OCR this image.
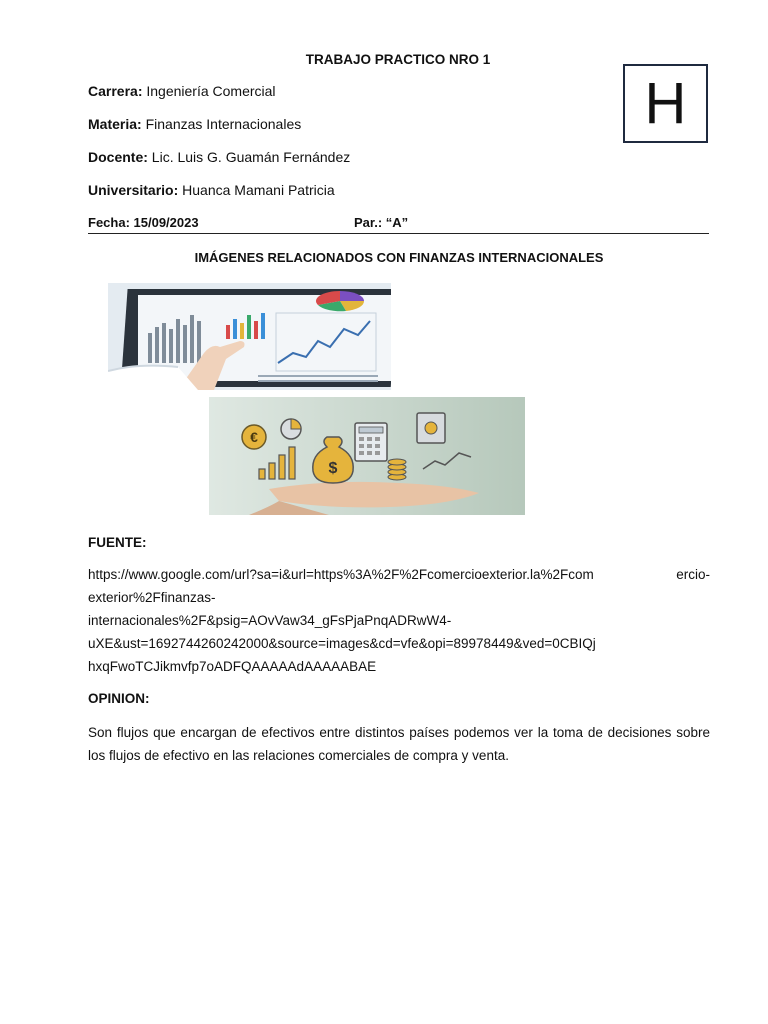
TRABAJO PRACTICO NRO 1
H
Carrera: Ingeniería Comercial
Materia: Finanzas Internacionales
Docente: Lic. Luis G. Guamán Fernández
Universitario: Huanca Mamani Patricia
Fecha: 15/09/2023	Par.: “A”
IMÁGENES RELACIONADOS CON FINANZAS INTERNACIONALES
€
$
FUENTE:
https://www.google.com/url?sa=i&url=https%3A%2F%2Fcomercioexterior.la%2Fcom ercio-exterior%2Ffinanzas-
internacionales%2F&psig=AOvVaw34_gFsPjaPnqADRwW4-
uXE&ust=1692744260242000&source=images&cd=vfe&opi=89978449&ved=0CBIQj
hxqFwoTCJikmvfp7oADFQAAAAAdAAAAABAE
OPINION:
Son flujos que encargan de efectivos entre distintos países podemos ver la toma de decisiones sobre los flujos de efectivo en las relaciones comerciales de compra y venta.
